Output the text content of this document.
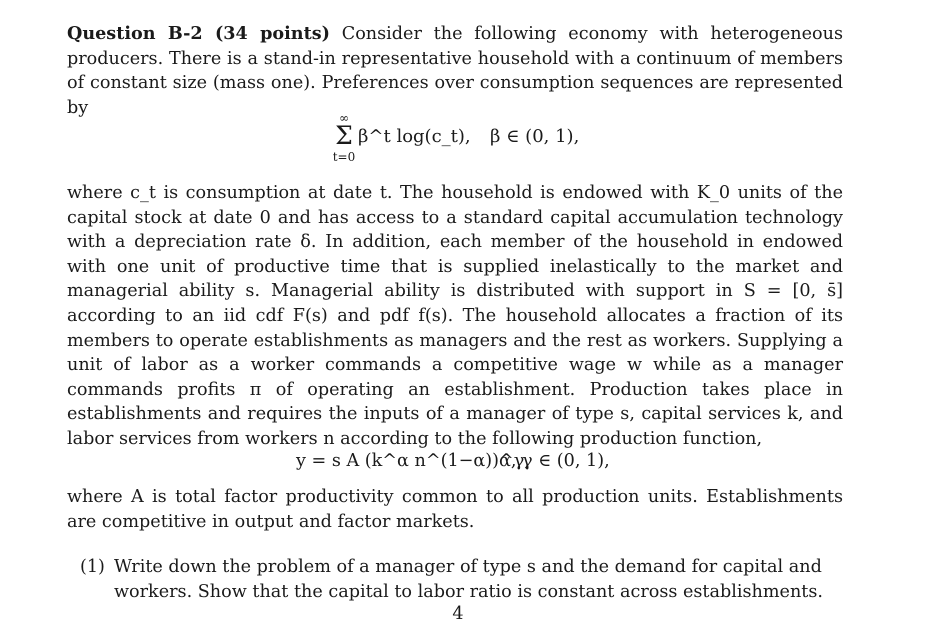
Question B-2 (34 points) Consider the following economy with heterogeneous producers. There is a stand-in representative household with a continuum of members of constant size (mass one). Preferences over consumption sequences are represented by

∞
Σ
t=0
β^t log(c_t), β ∈ (0, 1),

where c_t is consumption at date t. The household is endowed with K_0 units of the capital stock at date 0 and has access to a standard capital accumulation technology with a depreciation rate δ. In addition, each member of the household in endowed with one unit of productive time that is supplied inelastically to the market and managerial ability s. Managerial ability is distributed with support in S = [0, s̄] according to an iid cdf F(s) and pdf f(s). The household allocates a fraction of its members to operate establishments as managers and the rest as workers. Supplying a unit of labor as a worker commands a competitive wage w while as a manager commands profits π of operating an establishment. Production takes place in establishments and requires the inputs of a manager of type s, capital services k, and labor services from workers n according to the following production function,

y = s A (k^α n^(1−α))^γ,
α, γ ∈ (0, 1),

where A is total factor productivity common to all production units. Establishments are competitive in output and factor markets.

(1) Write down the problem of a manager of type s and the demand for capital and
workers. Show that the capital to labor ratio is constant across establishments.
4
